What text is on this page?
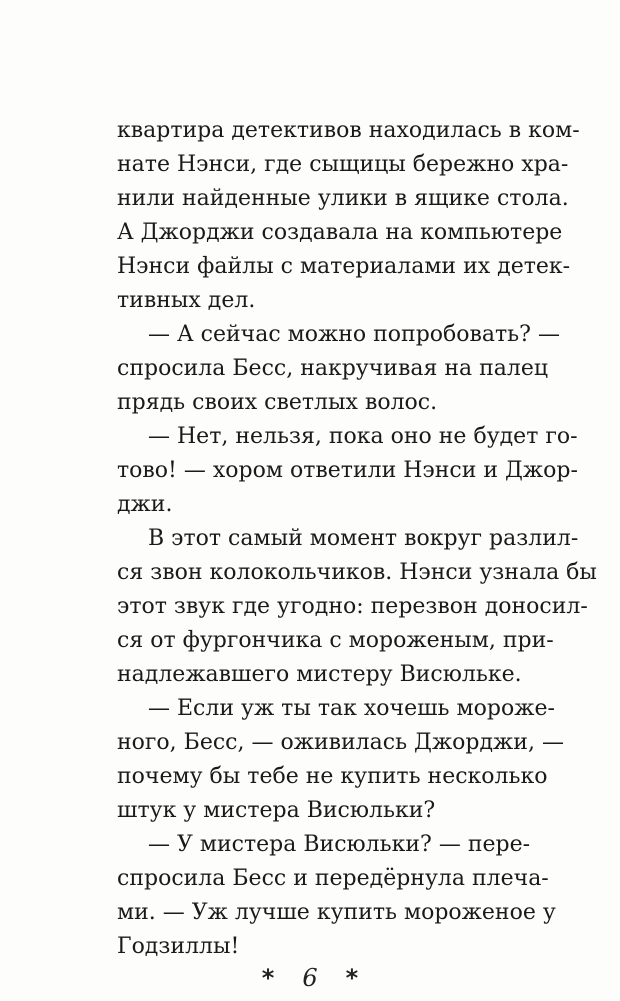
квартира детективов находилась в ком-
нате Нэнси, где сыщицы бережно хра-
нили найденные улики в ящике стола.
А Джорджи создавала на компьютере
Нэнси файлы с материалами их детек-
тивных дел.
— А сейчас можно попробовать? —
спросила Бесс, накручивая на палец
прядь своих светлых волос.
— Нет, нельзя, пока оно не будет го-
тово! — хором ответили Нэнси и Джор-
джи.
В этот самый момент вокруг разлил-
ся звон колокольчиков. Нэнси узнала бы
этот звук где угодно: перезвон доносил-
ся от фургончика с мороженым, при-
надлежавшего мистеру Висюльке.
— Если уж ты так хочешь мороже-
ного, Бесс, — оживилась Джорджи, —
почему бы тебе не купить несколько
штук у мистера Висюльки?
— У мистера Висюльки? — пере-
спросила Бесс и передёрнула плеча-
ми. — Уж лучше купить мороженое у
Годзиллы!
* 6 *
